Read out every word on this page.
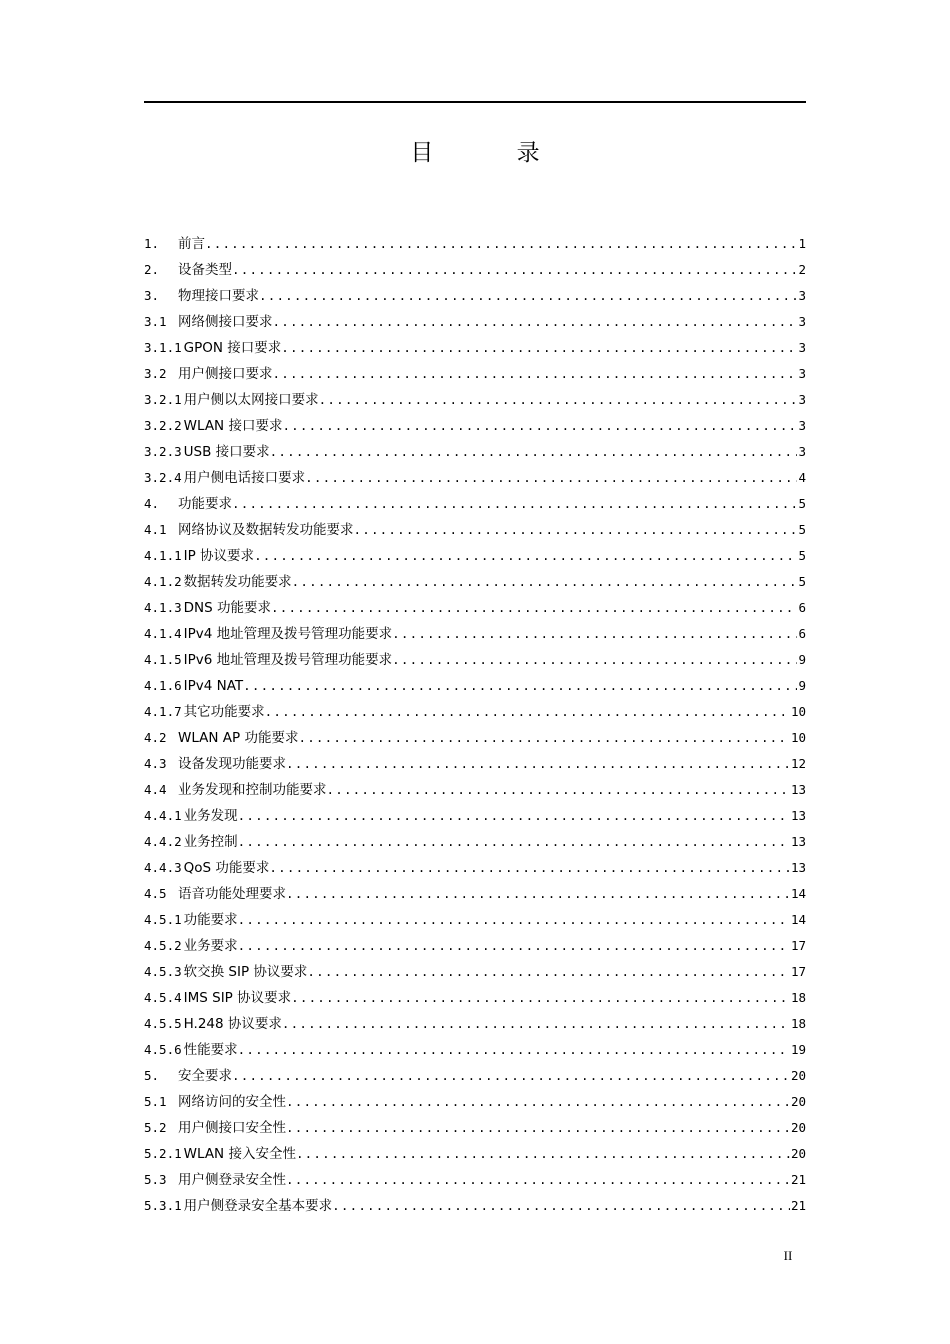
目 录
1.	前言 .....	1
2.	设备类型 .....	2
3.	物理接口要求 .....	3
3.1 网络侧接口要求 .....	3
3.1.1 GPON 接口要求 .....	3
3.2 用户侧接口要求 .....	3
3.2.1 用户侧以太网接口要求 .....	3
3.2.2 WLAN 接口要求 .....	3
3.2.3 USB 接口要求 .....	3
3.2.4 用户侧电话接口要求 .....	4
4.	功能要求 .....	5
4.1 网络协议及数据转发功能要求 .....	5
4.1.1 IP 协议要求 .....	5
4.1.2 数据转发功能要求 .....	5
4.1.3 DNS 功能要求 .....	6
4.1.4 IPv4 地址管理及拨号管理功能要求 .....	6
4.1.5 IPv6 地址管理及拨号管理功能要求 .....	9
4.1.6 IPv4 NAT .....	9
4.1.7 其它功能要求 .....	10
4.2 WLAN AP 功能要求 .....	10
4.3 设备发现功能要求 .....	12
4.4 业务发现和控制功能要求 .....	13
4.4.1 业务发现 .....	13
4.4.2 业务控制 .....	13
4.4.3 QoS 功能要求 .....	13
4.5 语音功能处理要求 .....	14
4.5.1 功能要求 .....	14
4.5.2 业务要求 .....	17
4.5.3 软交换 SIP 协议要求 .....	17
4.5.4 IMS SIP 协议要求 .....	18
4.5.5 H.248 协议要求 .....	18
4.5.6 性能要求 .....	19
5.	安全要求 .....	20
5.1 网络访问的安全性 .....	20
5.2 用户侧接口安全性 .....	20
5.2.1 WLAN 接入安全性 .....	20
5.3 用户侧登录安全性 .....	21
5.3.1 用户侧登录安全基本要求 .....	21
II
